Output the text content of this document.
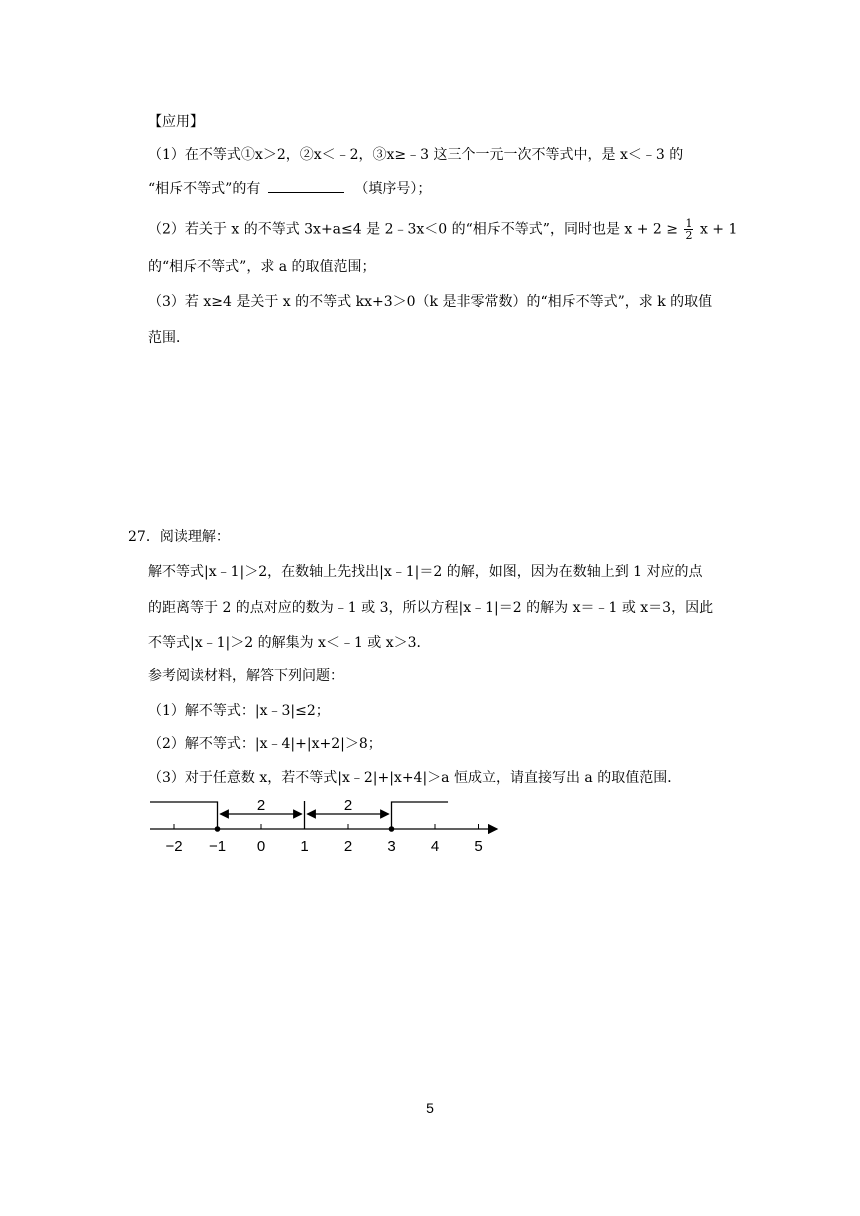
【应用】
（1）在不等式①x＞2，②x＜﹣2，③x≥﹣3 这三个一元一次不等式中，是 x＜﹣3 的
“相斥不等式”的有	（填序号）；
（2）若关于 x 的不等式 3x+a≤4 是 2﹣3x＜0 的“相斥不等式”，同时也是 $x + 2 \ge \frac{1}{2}$ x + 1
的“相斥不等式”，求 a 的取值范围；
（3）若 x≥4 是关于 x 的不等式 kx+3＞0（k 是非零常数）的“相斥不等式”，求 k 的取值
范围．
27．阅读理解：
解不等式|x﹣1|＞2，在数轴上先找出|x﹣1|＝2 的解，如图，因为在数轴上到 1 对应的点
的距离等于 2 的点对应的数为﹣1 或 3，所以方程|x﹣1|＝2 的解为 x＝﹣1 或 x＝3，因此
不等式|x﹣1|＞2 的解集为 x＜﹣1 或 x＞3．
参考阅读材料，解答下列问题：
（1）解不等式：|x﹣3|≤2；
（2）解不等式：|x﹣4|+|x+2|＞8；
（3）对于任意数 x，若不等式|x﹣2|+|x+4|＞a 恒成立，请直接写出 a 的取值范围．
−2 −1 0 1 2 3 4 5
2	2
5
